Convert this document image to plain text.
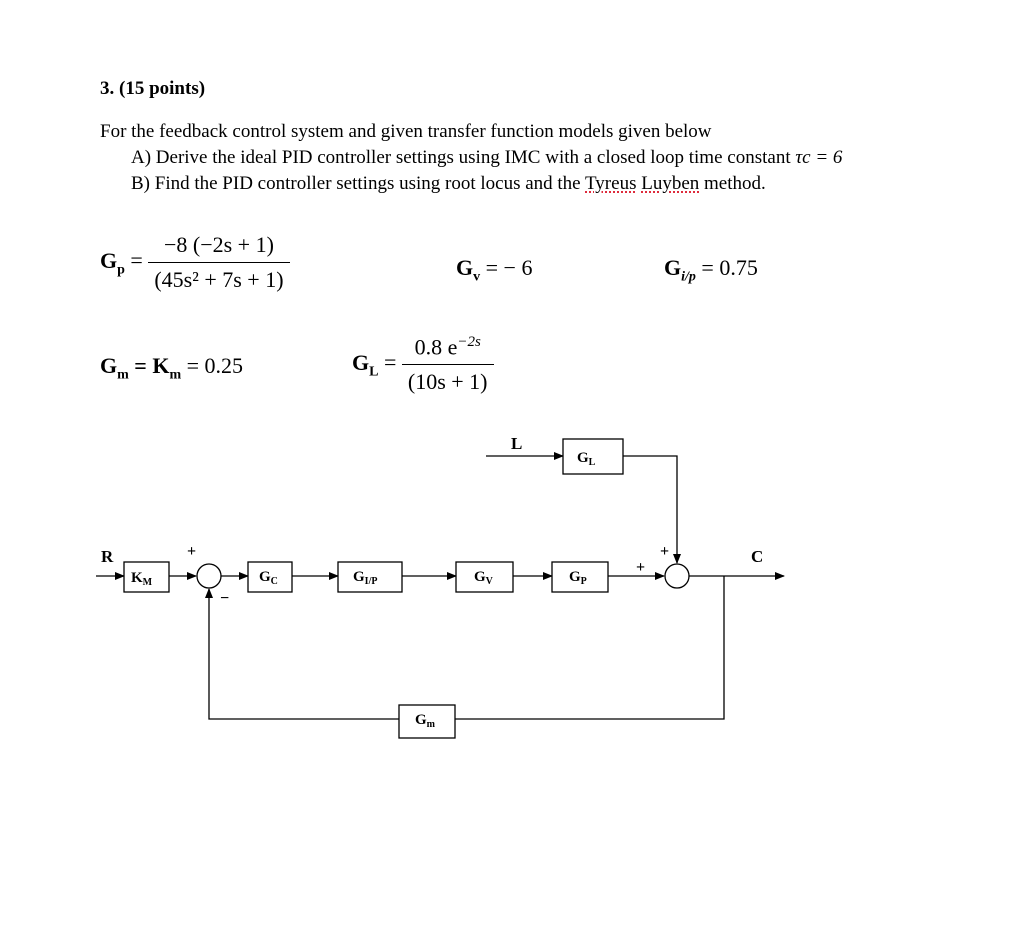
3. (15 points)
For the feedback control system and given transfer function models given below
A) Derive the ideal PID controller settings using IMC with a closed loop time constant τc = 6
B) Find the PID controller settings using root locus and the Tyreus Luyben method.
$G_p = \frac{-8 (-2s + 1)}{\text{(45s² + 7s + 1)}}$	$G_v$ = − 6	$G_{i/p} = 0.75$
$G_m = K_m = 0.25$	$G_L = \frac{0.8 e^{-2s}}{(10s + 1)}$
R	C
L
$K_M$	$G_C$	$G_{I/P}$	$G_V$	$G_P$
$G_L$
$G_m$
+
−
+
+
